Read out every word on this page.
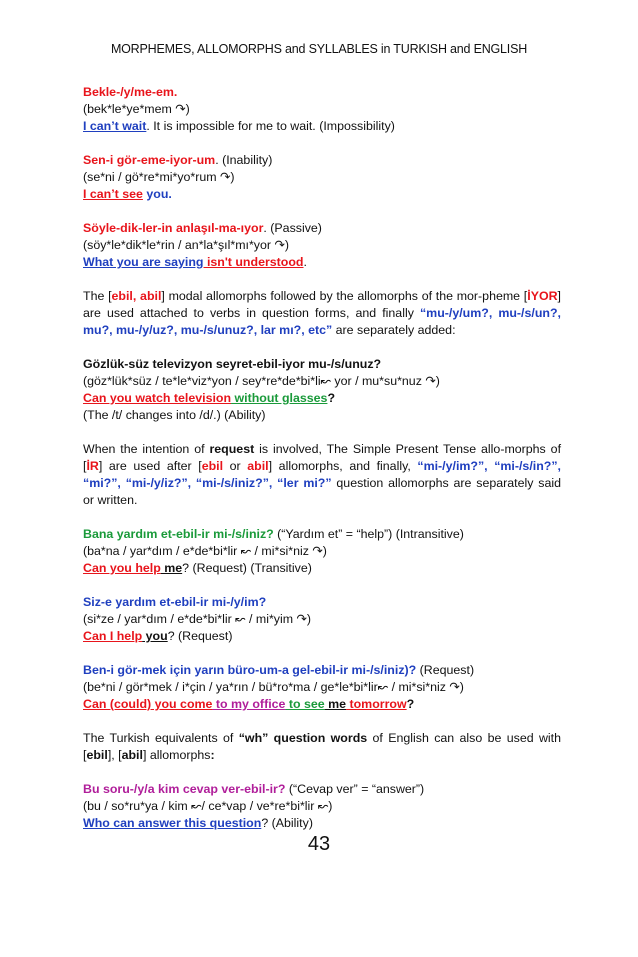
MORPHEMES, ALLOMORPHS and SYLLABLES in TURKISH and ENGLISH
Bekle-/y/me-em.
(bek*le*ye*mem ↷)
I can’t wait. It is impossible for me to wait. (Impossibility)
Sen-i gör-eme-iyor-um. (Inability)
(se*ni / gö*re*mi*yo*rum ↷)
I can’t see you.
Söyle-dik-ler-in anlaşıl-ma-ıyor. (Passive)
(söy*le*dik*le*rin / an*la*şıl*mı*yor ↷)
What you are saying isn't understood.
The [ebil, abil] modal allomorphs followed by the allomorphs of the mor-pheme [İYOR] are used attached to verbs in question forms, and finally “mu-/y/um?, mu-/s/un?, mu?, mu-/y/uz?, mu-/s/unuz?, lar mı?, etc” are separately added:
Gözlük-süz televizyon seyret-ebil-iyor mu-/s/unuz?
(göz*lük*süz / te*le*viz*yon / sey*re*de*bi*li↜ yor / mu*su*nuz ↷)
Can you watch television without glasses?
(The /t/ changes into /d/.) (Ability)
When the intention of request is involved, The Simple Present Tense allo-morphs of [İR] are used after [ebil or abil] allomorphs, and finally, “mi-/y/im?”, “mi-/s/in?”, “mi?”, “mi-/y/iz?”, “mi-/s/iniz?”, “ler mi?” question allomorphs are separately said or written.
Bana yardım et-ebil-ir mi-/s/iniz? (“Yardım et” = “help”) (Intransitive)
(ba*na / yar*dım / e*de*bi*lir ↜ / mi*si*niz ↷)
Can you help me? (Request) (Transitive)
Siz-e yardım et-ebil-ir mi-/y/im?
(si*ze / yar*dım / e*de*bi*lir ↜ / mi*yim ↷)
Can I help you? (Request)
Ben-i gör-mek için yarın büro-um-a gel-ebil-ir mi-/s/iniz)? (Request)
(be*ni / gör*mek / i*çin / ya*rın / bü*ro*ma / ge*le*bi*lir↜ / mi*si*niz ↷)
Can (could) you come to my office to see me tomorrow?
The Turkish equivalents of “wh” question words of English can also be used with [ebil], [abil] allomorphs:
Bu soru-/y/a kim cevap ver-ebil-ir? (“Cevap ver” = “answer”)
(bu / so*ru*ya / kim ↜/ ce*vap / ve*re*bi*lir ↜)
Who can answer this question? (Ability)
43
